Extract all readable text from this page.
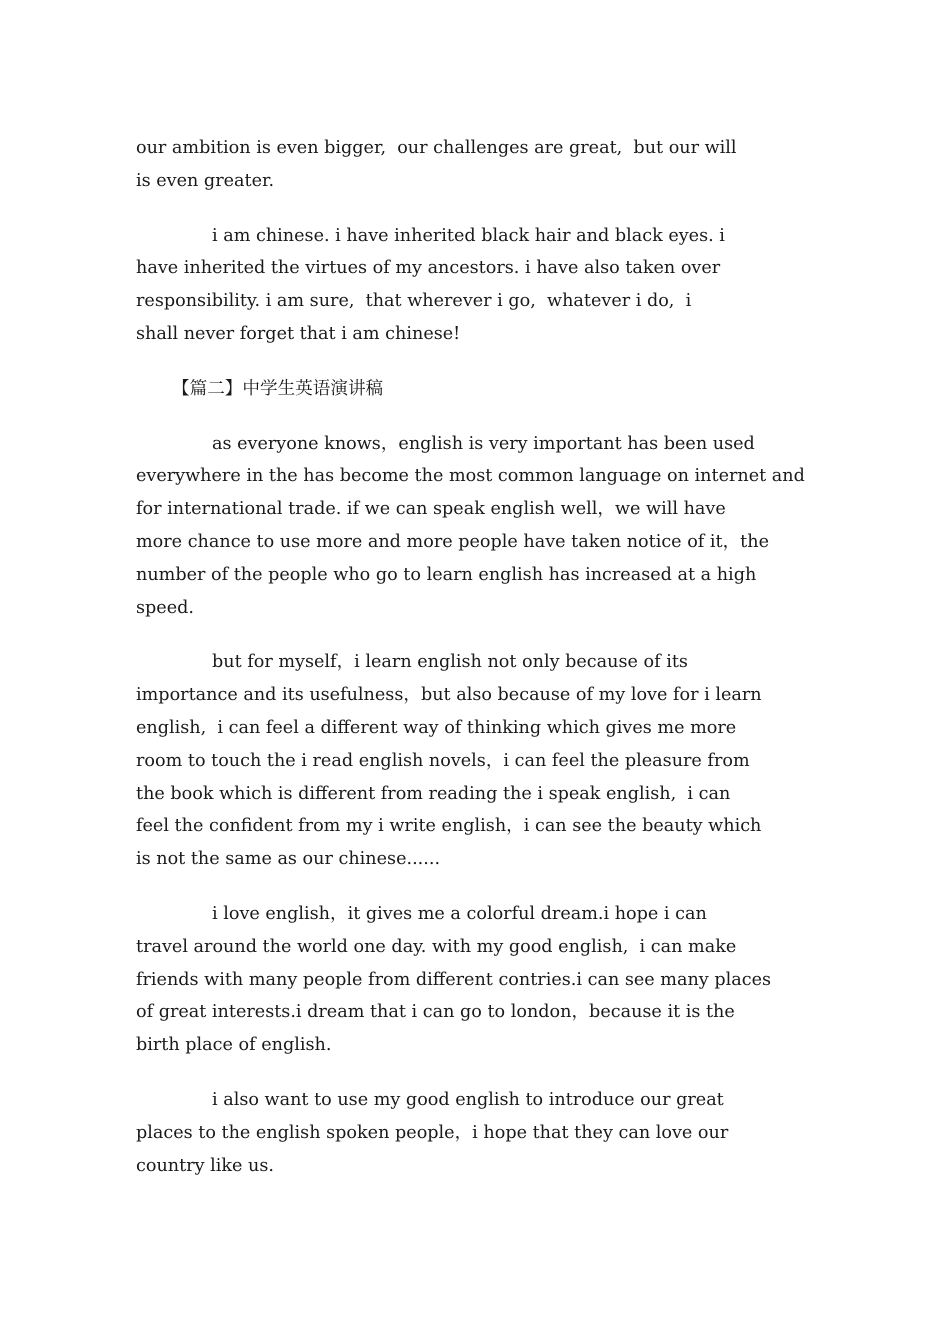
our ambition is even bigger,  our challenges are great,  but our will
is even greater.
i am chinese. i have inherited black hair and black eyes. i
have inherited the virtues of my ancestors. i have also taken over
responsibility. i am sure,  that wherever i go,  whatever i do,  i
shall never forget that i am chinese!
【篇二】中学生英语演讲稿
as everyone knows，english is very important has been used
everywhere in the has become the most common language on internet and
for international trade. if we can speak english well，we will have
more chance to use more and more people have taken notice of it，the
number of the people who go to learn english has increased at a high
speed.
but for myself，i learn english not only because of its
importance and its usefulness，but also because of my love for i learn
english,  i can feel a different way of thinking which gives me more
room to touch the i read english novels，i can feel the pleasure from
the book which is different from reading the i speak english,  i can
feel the confident from my i write english，i can see the beauty which
is not the same as our chinese......
i love english，it gives me a colorful dream.i hope i can
travel around the world one day. with my good english,  i can make
friends with many people from different contries.i can see many places
of great interests.i dream that i can go to london，because it is the
birth place of english.
i also want to use my good english to introduce our great
places to the english spoken people，i hope that they can love our
country like us.
